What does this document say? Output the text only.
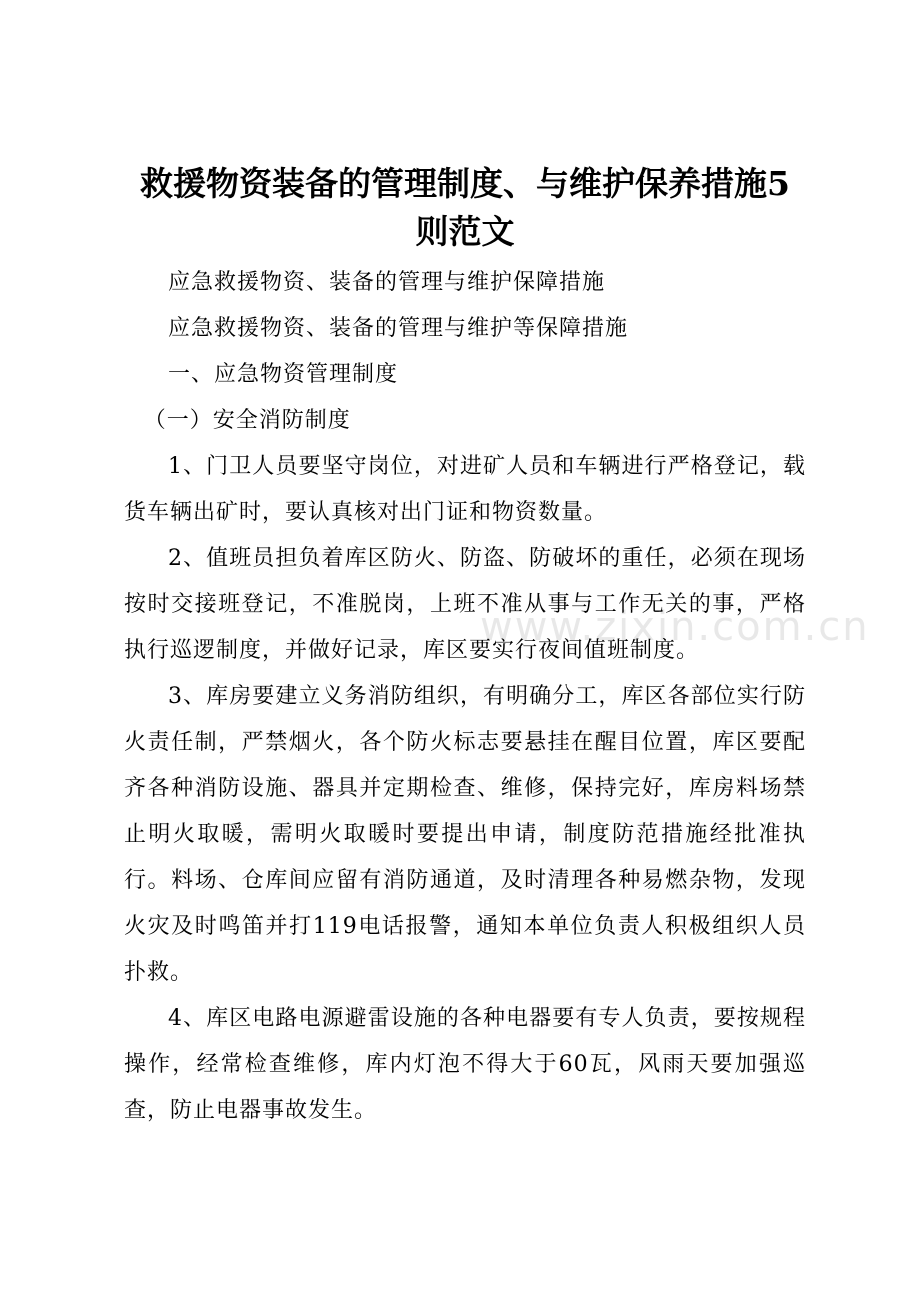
www.zixin.com.cn
救援物资装备的管理制度、与维护保养措施5则范文

应急救援物资、装备的管理与维护保障措施

应急救援物资、装备的管理与维护等保障措施

一、应急物资管理制度

（一）安全消防制度

1、门卫人员要坚守岗位，对进矿人员和车辆进行严格登记，载货车辆出矿时，要认真核对出门证和物资数量。

2、值班员担负着库区防火、防盗、防破坏的重任，必须在现场按时交接班登记，不准脱岗，上班不准从事与工作无关的事，严格执行巡逻制度，并做好记录，库区要实行夜间值班制度。

3、库房要建立义务消防组织，有明确分工，库区各部位实行防火责任制，严禁烟火，各个防火标志要悬挂在醒目位置，库区要配齐各种消防设施、器具并定期检查、维修，保持完好，库房料场禁止明火取暖，需明火取暖时要提出申请，制度防范措施经批准执行。料场、仓库间应留有消防通道，及时清理各种易燃杂物，发现火灾及时鸣笛并打119电话报警，通知本单位负责人积极组织人员扑救。

4、库区电路电源避雷设施的各种电器要有专人负责，要按规程操作，经常检查维修，库内灯泡不得大于60瓦，风雨天要加强巡查，防止电器事故发生。
